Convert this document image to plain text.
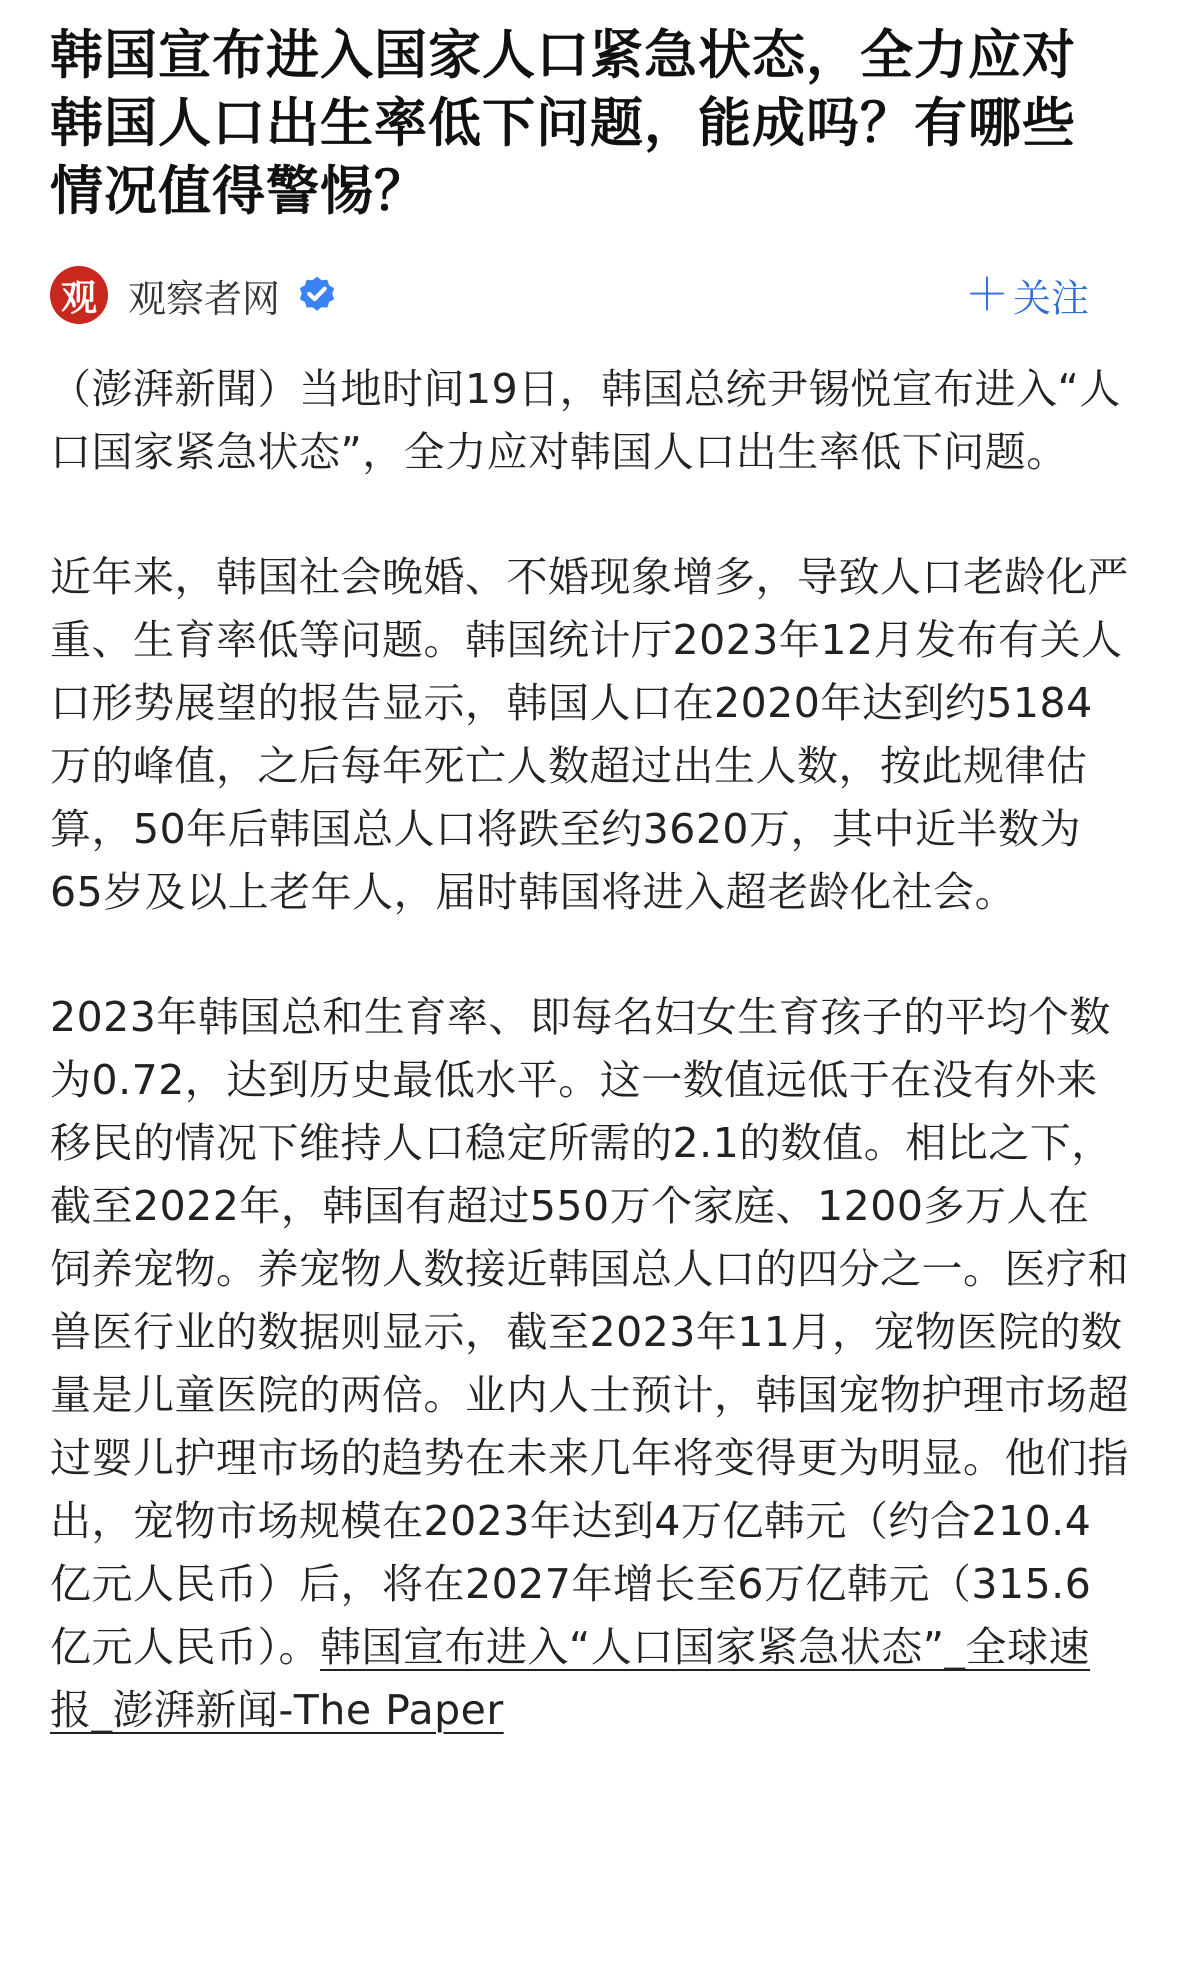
韩国宣布进入国家人口紧急状态，全力应对韩国人口出生率低下问题，能成吗？有哪些情况值得警惕？
观 观察者网	＋ 关注

（澎湃新聞）当地时间19日，韩国总统尹锡悦宣布进入“人口国家紧急状态”，全力应对韩国人口出生率低下问题。

近年来，韩国社会晚婚、不婚现象增多，导致人口老龄化严重、生育率低等问题。韩国统计厅2023年12月发布有关人口形势展望的报告显示，韩国人口在2020年达到约5184万的峰值，之后每年死亡人数超过出生人数，按此规律估算，50年后韩国总人口将跌至约3620万，其中近半数为65岁及以上老年人，届时韩国将进入超老龄化社会。

2023年韩国总和生育率、即每名妇女生育孩子的平均个数为0.72，达到历史最低水平。这一数值远低于在没有外来移民的情况下维持人口稳定所需的2.1的数值。相比之下，截至2022年，韩国有超过550万个家庭、1200多万人在饲养宠物。养宠物人数接近韩国总人口的四分之一。医疗和兽医行业的数据则显示，截至2023年11月，宠物医院的数量是儿童医院的两倍。业内人士预计，韩国宠物护理市场超过婴儿护理市场的趋势在未来几年将变得更为明显。他们指出，宠物市场规模在2023年达到4万亿韩元（约合210.4亿元人民币）后，将在2027年增长至6万亿韩元（315.6亿元人民币）。韩国宣布进入“人口国家紧急状态”_全球速报_澎湃新闻-The Paper
